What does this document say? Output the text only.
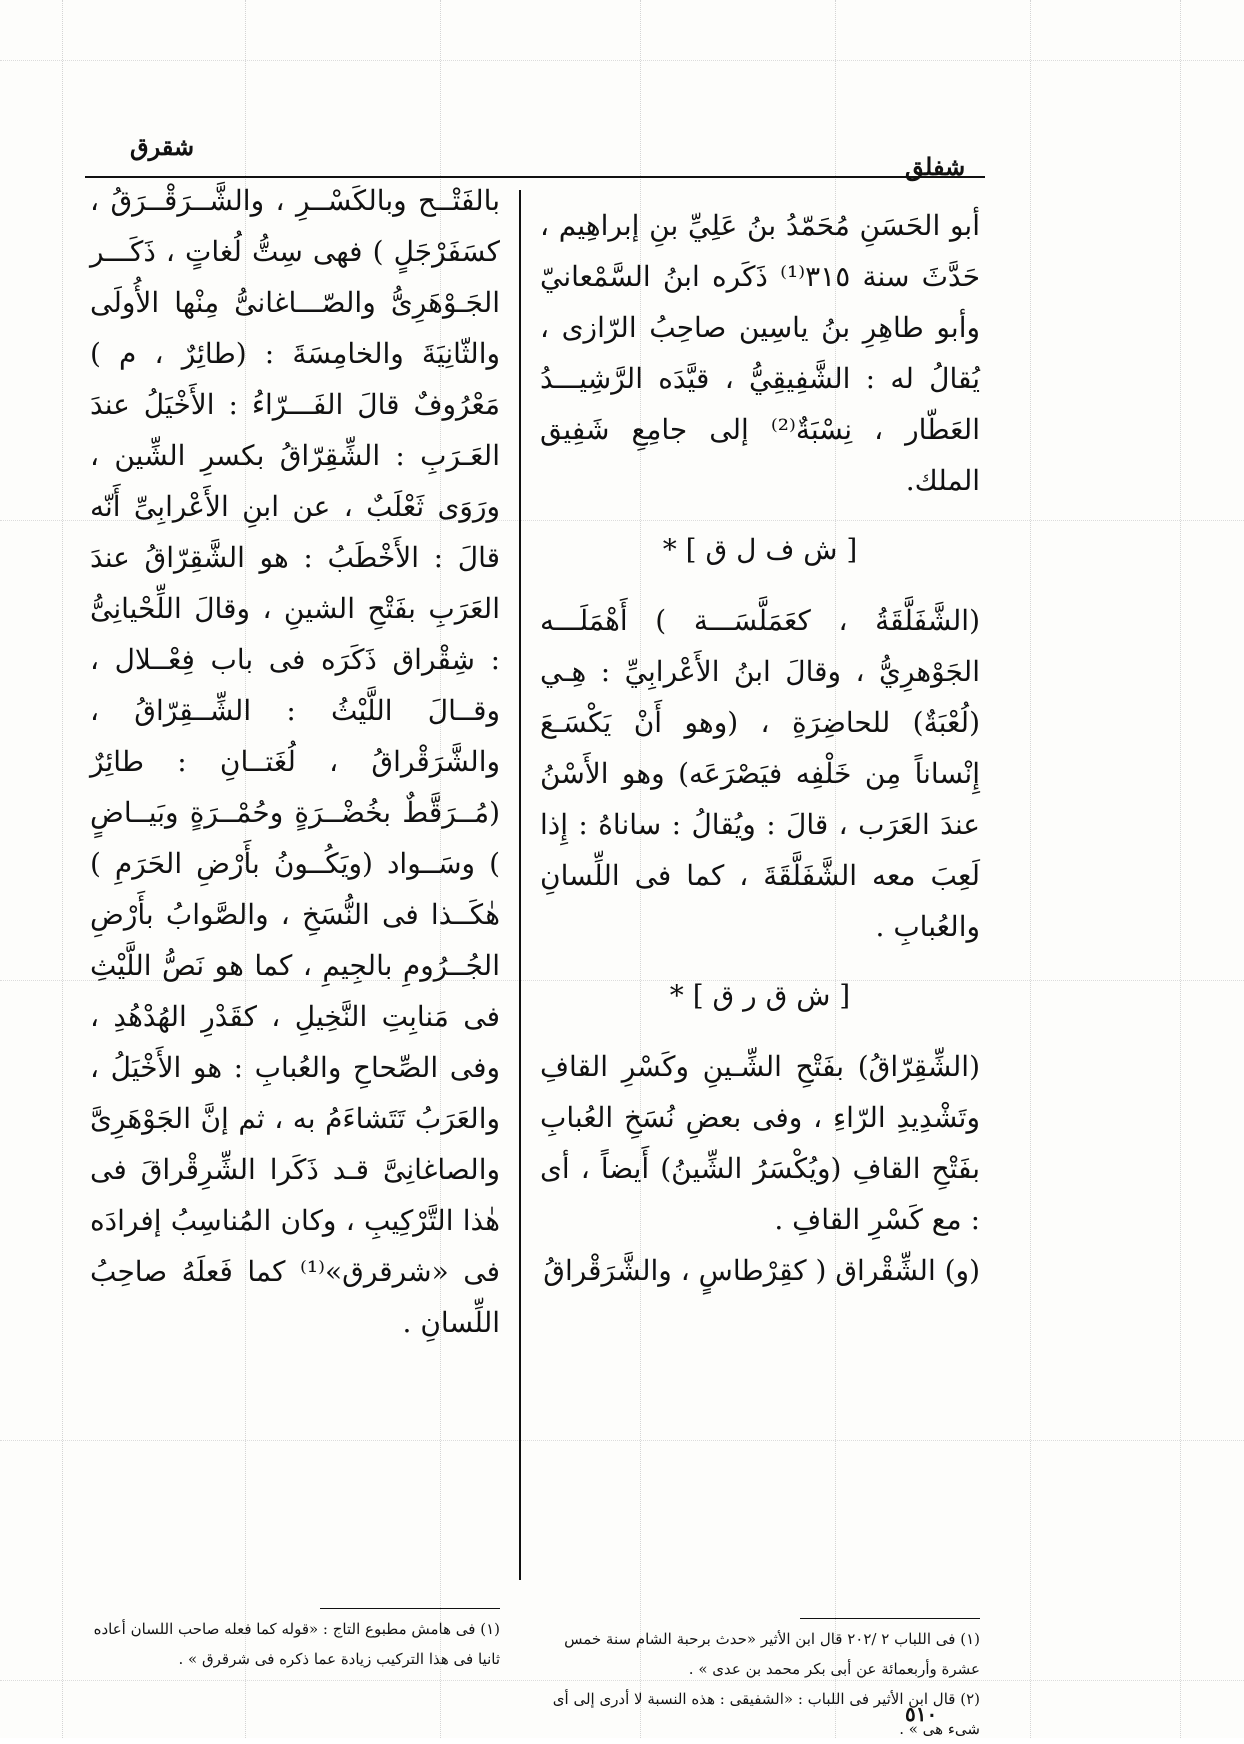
شقرق
شفلق

أبو الحَسَنِ مُحَمّدُ بنُ عَلِيِّ بنِ إبراهِيم ، حَدَّثَ سنة ٣١٥⁽¹⁾ ذَكَره ابنُ السَّمْعانيّ وأبو طاهِرِ بنُ ياسِين صاحِبُ الرّازى ، يُقالُ له : الشَّفِيقِيُّ ، قيَّدَه الرَّشِيـــدُ العَطّار ، نِسْبَةٌ⁽²⁾ إلى جامِعِ شَفِيق الملك.

[ ش ف ل ق ] *

(الشَّفَلَّقَةُ ، كعَمَلَّسَـــة ) أَهْمَلَـــه الجَوْهرِيُّ ، وقالَ ابنُ الأَعْرابِيِّ : هِـي (لُعْبَةٌ) للحاضِرَةِ ، (وهو أَنْ يَكْسَـعَ إِنْساناً مِن خَلْفِه فيَصْرَعَه) وهو الأَسْنُ عندَ العَرَب ، قالَ : ويُقالُ : ساناهُ : إِذا لَعِبَ معه الشَّفَلَّقَةَ ، كما فى اللِّسانِ والعُبابِ .

[ ش ق ر ق ] *

(الشِّقِرّاقُ) بفَتْحِ الشِّـينِ وكَسْرِ القافِ وتَشْدِيدِ الرّاءِ ، وفى بعضِ نُسَخِ العُبابِ بفَتْحِ القافِ (ويُكْسَرُ الشِّينُ) أَيضاً ، أى : مع كَسْرِ القافِ .

(و) الشِّقْراق ( كقِرْطاسٍ ، والشَّرَقْراقُ

بالفَتْــح وبالكَسْــرِ ، والشَّــرَقْــرَقُ ، كسَفَرْجَلٍ ) فهى سِتُّ لُغاتٍ ، ذَكَـــر الجَـوْهَرِىُّ والصّـــاغانىُّ مِنْها الأُولَى والثّانِيَةَ والخامِسَةَ : (طائِرٌ ، م ) مَعْرُوفٌ قالَ الفَـــرّاءُ : الأَخْيَلُ عندَ العَـرَبِ : الشِّقِرّاقُ بكسرِ الشِّين ، ورَوَى ثَعْلَبٌ ، عن ابنِ الأَعْرابِىِّ أَنّه قالَ : الأَخْطَبُ : هو الشَّقِرّاقُ عندَ العَرَبِ بفَتْحِ الشينِ ، وقالَ اللِّحْيانِىُّ : شِقْراق ذَكَرَه فى باب فِعْــلال ، وقــالَ اللَّيْثُ : الشِّــقِرّاقُ ، والشَّرَقْراقُ ، لُغَتــانِ : طائِرٌ (مُــرَقَّطٌ بخُضْــرَةٍ وحُمْــرَةٍ وبَيــاضٍ ) وسَــواد (ويَكُــونُ بأَرْضِ الحَرَمِ ) هٰكَــذا فى النُّسَخِ ، والصَّوابُ بأَرْضِ الجُــرُومِ بالجِيمِ ، كما هو نَصُّ اللَّيْثِ فى مَنابِتِ النَّخِيلِ ، كقَدْرِ الهُدْهُدِ ، وفى الصِّحاحِ والعُبابِ : هو الأَخْيَلُ ، والعَرَبُ تَتَشاءَمُ به ، ثم إنَّ الجَوْهَرِىَّ والصاغانِىَّ قـد ذَكَرا الشِّرِقْراقَ فى هٰذا التَّرْكِيبِ ، وكان المُناسِبُ إفرادَه فى «شرقرق»⁽¹⁾ كما فَعلَهُ صاحِبُ اللِّسانِ .

(١) فى اللباب ٢ /٢٠٢ قال ابن الأثير «حدث برحبة الشام سنة خمس عشرة وأربعمائة عن أبى بكر محمد بن عدى » .

(٢) قال ابن الأثير فى اللباب : «الشفيقى : هذه النسبة لا أدرى إلى أى شىء هى » .

(١) فى هامش مطبوع التاج : «قوله كما فعله صاحب اللسان أعاده ثانيا فى هذا التركيب زيادة عما ذكره فى شرقرق » .

٥١٠
